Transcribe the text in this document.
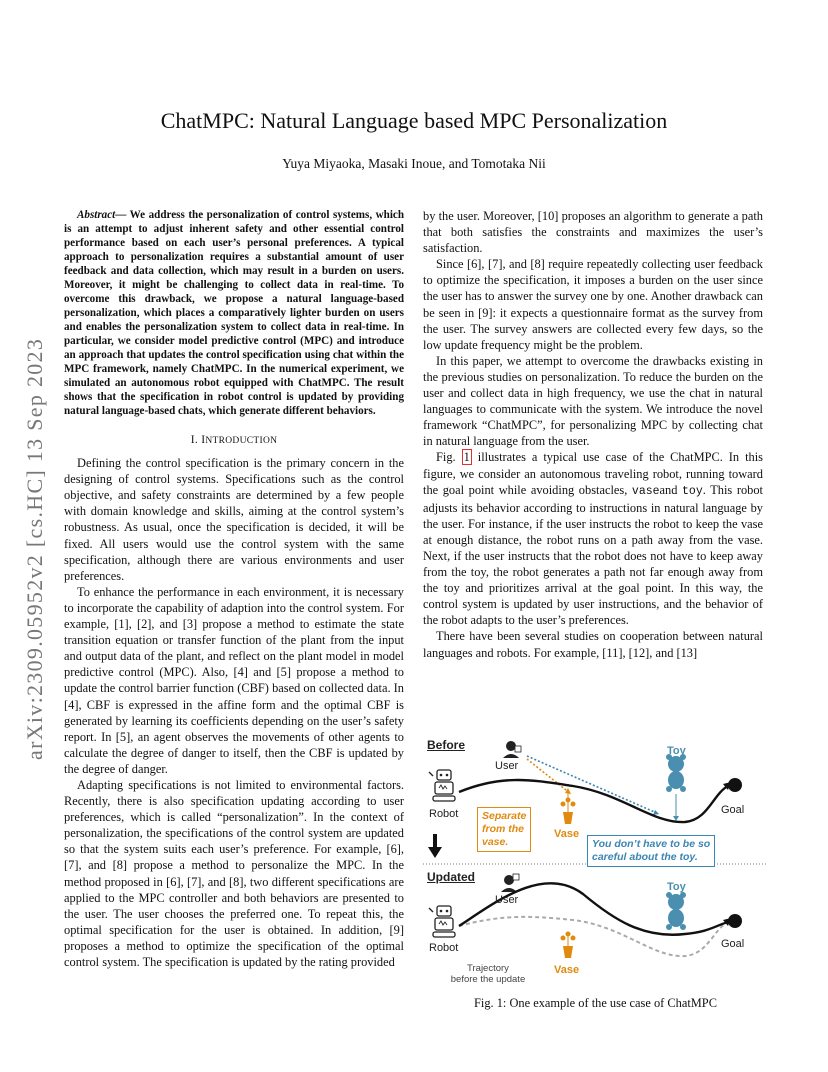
arXiv:2309.05952v2 [cs.HC] 13 Sep 2023
ChatMPC: Natural Language based MPC Personalization
Yuya Miyaoka, Masaki Inoue, and Tomotaka Nii
Abstract— We address the personalization of control systems, which is an attempt to adjust inherent safety and other essential control performance based on each user’s personal preferences. A typical approach to personalization requires a substantial amount of user feedback and data collection, which may result in a burden on users. Moreover, it might be challenging to collect data in real-time. To overcome this drawback, we propose a natural language-based personalization, which places a comparatively lighter burden on users and enables the personalization system to collect data in real-time. In particular, we consider model predictive control (MPC) and introduce an approach that updates the control specification using chat within the MPC framework, namely ChatMPC. In the numerical experiment, we simulated an autonomous robot equipped with ChatMPC. The result shows that the specification in robot control is updated by providing natural language-based chats, which generate different behaviors.
I. INTRODUCTION

Defining the control specification is the primary concern in the designing of control systems. Specifications such as the control objective, and safety constraints are determined by a few people with domain knowledge and skills, aiming at the control system’s robustness. As usual, once the specification is decided, it will be fixed. All users would use the control system with the same specification, although there are various environments and user preferences.

To enhance the performance in each environment, it is necessary to incorporate the capability of adaption into the control system. For example, [1], [2], and [3] propose a method to estimate the state transition equation or transfer function of the plant from the input and output data of the plant, and reflect on the plant model in model predictive control (MPC). Also, [4] and [5] propose a method to update the control barrier function (CBF) based on collected data. In [4], CBF is expressed in the affine form and the optimal CBF is generated by learning its coefficients depending on the user’s safety report. In [5], an agent observes the movements of other agents to calculate the degree of danger to itself, then the CBF is updated by the degree of danger.

Adapting specifications is not limited to environmental factors. Recently, there is also specification updating according to user preferences, which is called “personalization”. In the context of personalization, the specifications of the control system are updated so that the system suits each user’s preference. For example, [6], [7], and [8] propose a method to personalize the MPC. In the method proposed in [6], [7], and [8], two different specifications are applied to the MPC controller and both behaviors are presented to the user. The user chooses the preferred one. To repeat this, the optimal specification for the user is obtained. In addition, [9] proposes a method to optimize the specification of the optimal control system. The specification is updated by the rating provided

by the user. Moreover, [10] proposes an algorithm to generate a path that both satisfies the constraints and maximizes the user’s satisfaction.

Since [6], [7], and [8] require repeatedly collecting user feedback to optimize the specification, it imposes a burden on the user since the user has to answer the survey one by one. Another drawback can be seen in [9]: it expects a questionnaire format as the survey from the user. The survey answers are collected every few days, so the low update frequency might be the problem.

In this paper, we attempt to overcome the drawbacks existing in the previous studies on personalization. To reduce the burden on the user and collect data in high frequency, we use the chat in natural languages to communicate with the system. We introduce the novel framework “ChatMPC”, for personalizing MPC by collecting chat in natural language from the user.

Fig. 1 illustrates a typical use case of the ChatMPC. In this figure, we consider an autonomous traveling robot, running toward the goal point while avoiding obstacles, vaseand toy. This robot adjusts its behavior according to instructions in natural language by the user. For instance, if the user instructs the robot to keep the vase at enough distance, the robot runs on a path away from the vase. Next, if the user instructs that the robot does not have to keep away from the toy, the robot generates a path not far enough away from the toy and prioritizes arrival at the goal point. In this way, the control system is updated by user instructions, and the behavior of the robot adapts to the user’s preferences.

There have been several studies on cooperation between natural languages and robots. For example, [11], [12], and [13]

Before
User
Robot
Toy
Goal
Vase
Separate
from the
vase.	You don’t have to be so
careful about the toy.
Updated
User
Robot
Toy
Goal
Vase
Trajectory
before the update
Fig. 1: One example of the use case of ChatMPC
